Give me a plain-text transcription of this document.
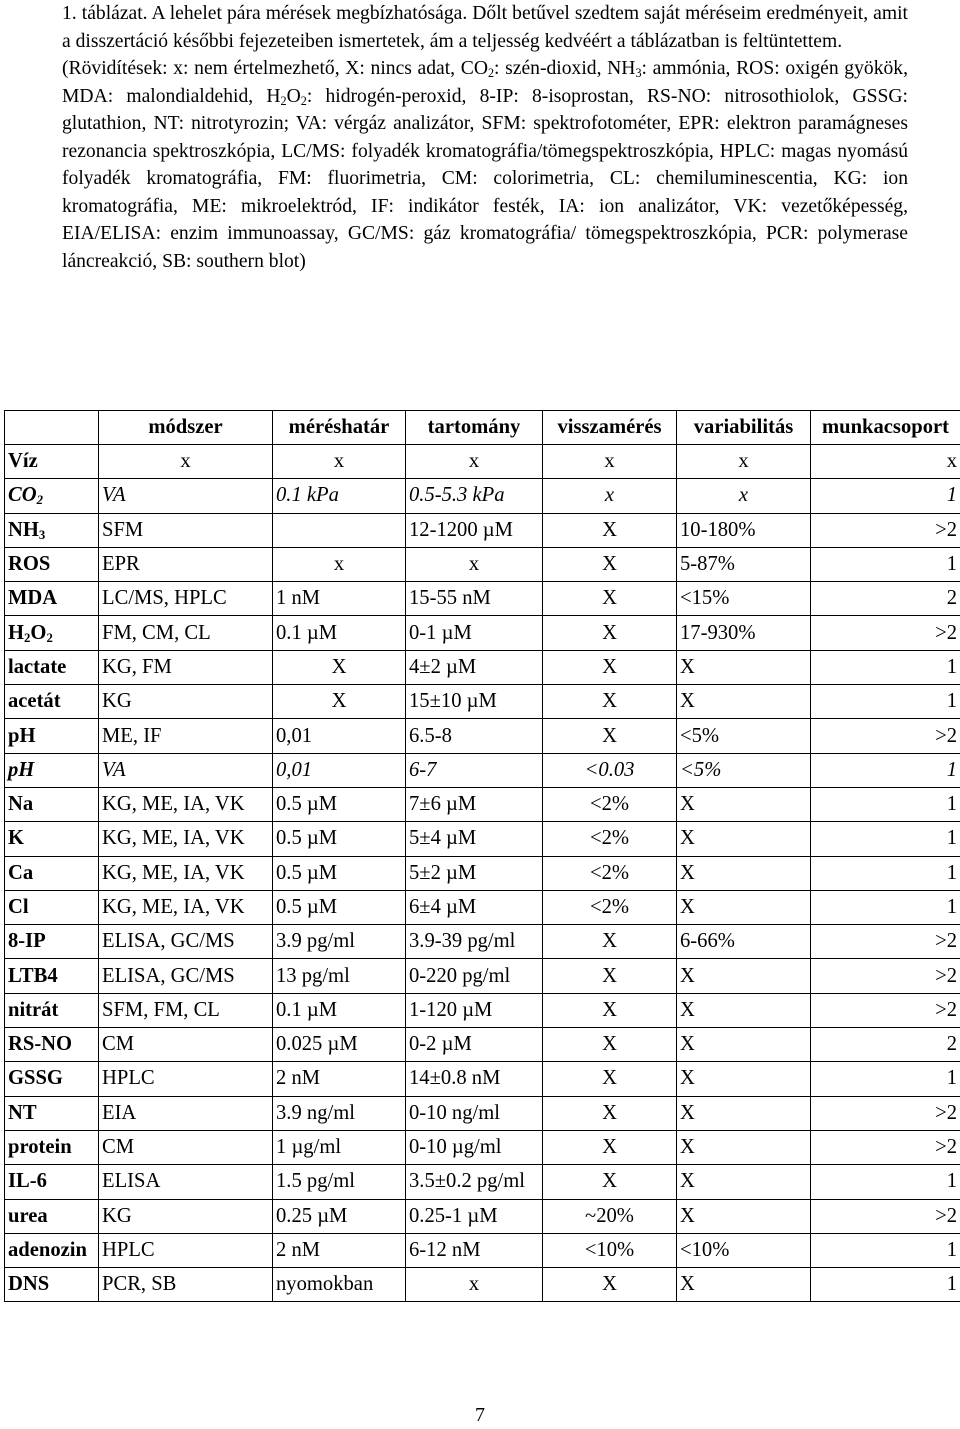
1. táblázat. A lehelet pára mérések megbízhatósága. Dőlt betűvel szedtem saját méréseim eredményeit, amit a disszertáció későbbi fejezeteiben ismertetek, ám a teljesség kedvéért a táblázatban is feltüntettem.

(Rövidítések: x: nem értelmezhető, X: nincs adat, $CO_2$: szén-dioxid, $NH_3$: ammónia, ROS: oxigén gyökök, MDA: malondialdehid, $H_2O_2$: hidrogén-peroxid, 8-IP: 8-isoprostan, RS-NO: nitrosothiolok, GSSG: glutathion, NT: nitrotyrozin; VA: vérgáz analizátor, SFM: spektrofotométer, EPR: elektron paramágneses rezonancia spektroszkópia, LC/MS: folyadék kromatográfia/tömegspektroszkópia, HPLC: magas nyomású folyadék kromatográfia, FM: fluorimetria, CM: colorimetria, CL: chemiluminescentia, KG: ion kromatográfia, ME: mikroelektród, IF: indikátor festék, IA: ion analizátor, VK: vezetőképesség, EIA/ELISA: enzim immunoassay, GC/MS: gáz kromatográfia/ tömegspektroszkópia, PCR: polymerase láncreakció, SB: southern blot)

	módszer	méréshatár	tartomány	visszamérés	variabilitás	munkacsoport
Víz	x	x	x	x	x	x
$CO_2$	VA	0.1 kPa	0.5-5.3 kPa	x	x	1
$NH_3$	SFM		12-1200 µM	X	10-180%	>2
ROS	EPR	x	x	X	5-87%	1
MDA	LC/MS, HPLC	1 nM	15-55 nM	X	<15%	2
$H_2O_2$	FM, CM, CL	0.1 µM	0-1 µM	X	17-930%	>2
lactate	KG, FM	X	4±2 µM	X	X	1
acetát	KG	X	15±10 µM	X	X	1
pH	ME, IF	0,01	6.5-8	X	<5%	>2
pH	VA	0,01	6-7	<0.03	<5%	1
Na	KG, ME, IA, VK	0.5 µM	7±6 µM	<2%	X	1
K	KG, ME, IA, VK	0.5 µM	5±4 µM	<2%	X	1
Ca	KG, ME, IA, VK	0.5 µM	5±2 µM	<2%	X	1
Cl	KG, ME, IA, VK	0.5 µM	6±4 µM	<2%	X	1
8-IP	ELISA, GC/MS	3.9 pg/ml	3.9-39 pg/ml	X	6-66%	>2
LTB4	ELISA, GC/MS	13 pg/ml	0-220 pg/ml	X	X	>2
nitrát	SFM, FM, CL	0.1 µM	1-120 µM	X	X	>2
RS-NO	CM	0.025 µM	0-2 µM	X	X	2
GSSG	HPLC	2 nM	14±0.8 nM	X	X	1
NT	EIA	3.9 ng/ml	0-10 ng/ml	X	X	>2
protein	CM	1 µg/ml	0-10 µg/ml	X	X	>2
IL-6	ELISA	1.5 pg/ml	3.5±0.2 pg/ml	X	X	1
urea	KG	0.25 µM	0.25-1 µM	~20%	X	>2
adenozin	HPLC	2 nM	6-12 nM	<10%	<10%	1
DNS	PCR, SB	nyomokban	x	X	X	1
7
